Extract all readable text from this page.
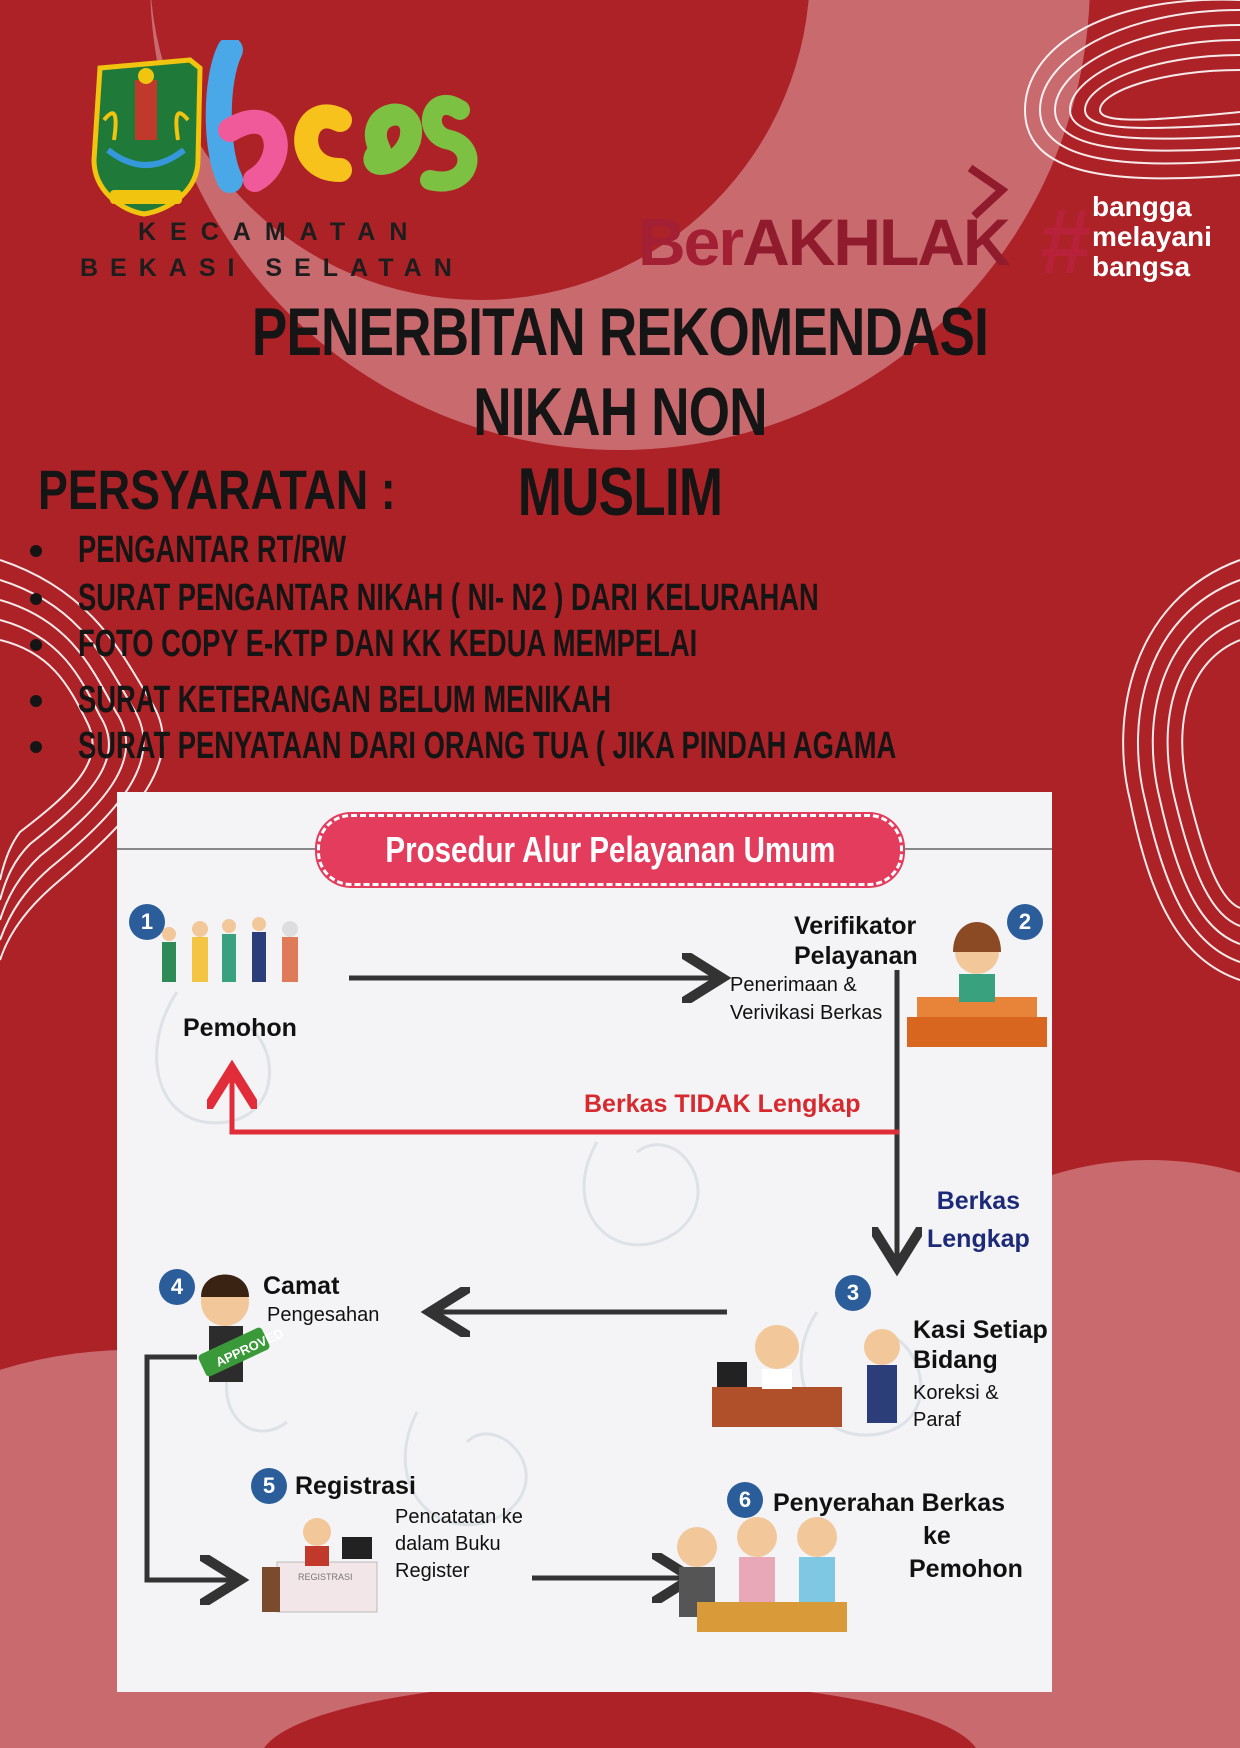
KECAMATAN
BEKASI SELATAN	BerAKHLAK # bangga
melayani
bangsa
PENERBITAN REKOMENDASI NIKAH NON
MUSLIM
PERSYARATAN :
PENGANTAR RT/RW
SURAT PENGANTAR NIKAH ( NI- N2 ) DARI KELURAHAN
FOTO COPY E-KTP DAN KK KEDUA MEMPELAI
SURAT KETERANGAN BELUM MENIKAH
SURAT PENYATAAN DARI ORANG TUA ( JIKA PINDAH AGAMA
Prosedur Alur Pelayanan Umum
1
Pemohon
2
Verifikator
Pelayanan
Penerimaan &
Verivikasi Berkas
Berkas TIDAK Lengkap
Berkas
Lengkap
3
Kasi Setiap
Bidang
Koreksi &
Paraf
4	Camat
Pengesahan
APPROVED
5 Registrasi
Pencatatan ke
dalam Buku
Register
REGISTRASI
6 Penyerahan Berkas
ke
Pemohon
